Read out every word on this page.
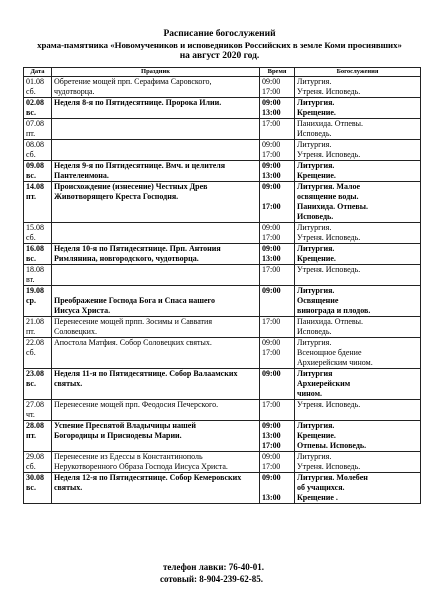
Расписание богослужений
храма-памятника «Новомучеников и исповедников Российских в земле Коми просиявших»
на август 2020 год.
Дата	Праздник	Время	Богослужения

01.08
сб.	Обретение мощей прп. Серафима Саровского,
чудотворца.	09:00
17:00	Литургия.
Утреня. Исповедь.

02.08
вс.	Неделя 8-я по Пятидесятнице. Пророка Илии.	09:00
13:00	Литургия.
Крещение.

07.08
пт.		17:00	Панихида. Отпевы.
Исповедь.

08.08
сб.		09:00
17:00	Литургия.
Утреня. Исповедь.

09.08
вс.	Неделя 9-я по Пятидесятнице. Вмч. и целителя
Пантелеимона.	09:00
13:00	Литургия.
Крещение.

14.08
пт.	Происхождение (изнесение) Честных Древ
Животворящего Креста Господня.	09:00
17:00	Литургия. Малое
освящение воды.
Панихида. Отпевы.
Исповедь.

15.08
сб.		09:00
17:00	Литургия.
Утреня. Исповедь.

16.08
вс.	Неделя 10-я по Пятидесятнице. Прп. Антония
Римлянина, новгородского, чудотворца.	09:00
13:00	Литургия.
Крещение.

18.08
вт.		17:00	Утреня. Исповедь.

19.08
ср.	Преображение Господа Бога и Спаса нашего
Иисуса Христа.	09:00	Литургия.
Освящение
винограда и плодов.

21.08
пт.	Перенесение мощей прпп. Зосимы и Савватия
Соловецких.	17:00	Панихида. Отпевы.
Исповедь.

22.08
сб.	Апостола Матфия. Собор Соловецких святых.	09:00
17:00	Литургия.
Всенощное бдение
Архиерейским чином.

23.08
вс.	Неделя 11-я по Пятидесятнице. Собор Валаамских
святых.	09:00	Литургия
Архиерейским
чином.

27.08
чт.	Перенесение мощей прп. Феодосия Печерского.	17:00	Утреня. Исповедь.

28.08
пт.	Успение Пресвятой Владычицы нашей
Богородицы и Приснодевы Марии.	09:00
13:00
17:00	Литургия.
Крещение.
Отпевы. Исповедь.

29.08
сб.	Перенесение из Едессы в Константинополь
Нерукотворенного Образа Господа Иисуса Христа.	09:00
17:00	Литургия.
Утреня. Исповедь.

30.08
вс.	Неделя 12-я по Пятидесятнице. Собор Кемеровских
святых.	09:00
13:00	Литургия. Молебен
об учащихся.
Крещение .
телефон лавки: 76-40-01.
сотовый: 8-904-239-62-85.
